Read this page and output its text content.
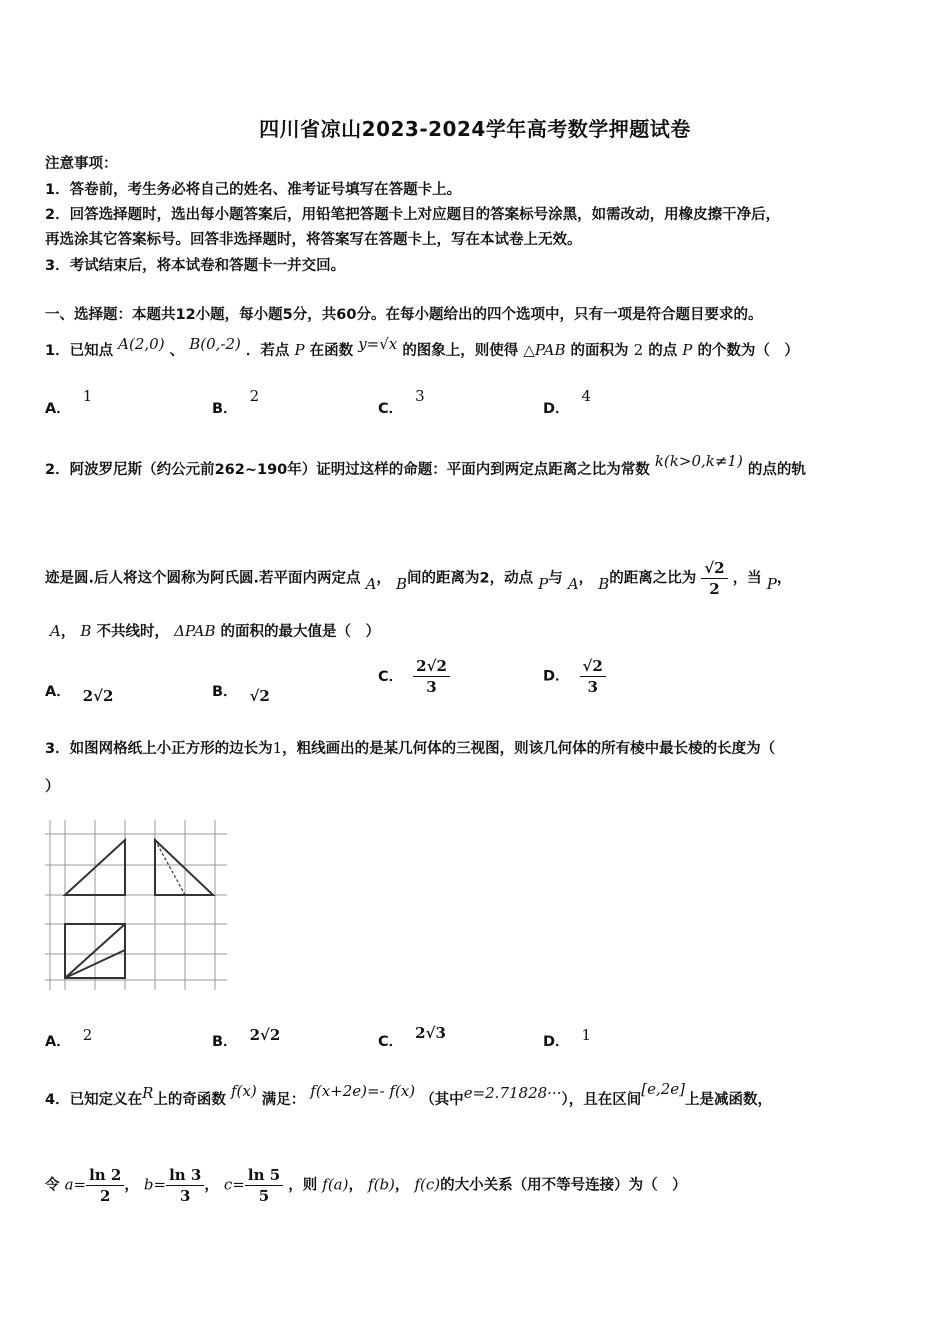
四川省凉山2023-2024学年高考数学押题试卷
注意事项：
1．答卷前，考生务必将自己的姓名、准考证号填写在答题卡上。
2．回答选择题时，选出每小题答案后，用铅笔把答题卡上对应题目的答案标号涂黑，如需改动，用橡皮擦干净后，
再选涂其它答案标号。回答非选择题时，将答案写在答题卡上，写在本试卷上无效。
3．考试结束后，将本试卷和答题卡一并交回。
一、选择题：本题共12小题，每小题5分，共60分。在每小题给出的四个选项中，只有一项是符合题目要求的。
1．已知点 A(2,0) 、 B(0,-2) ．若点 P 在函数 y=√x 的图象上，则使得 △PAB 的面积为 2 的点 P 的个数为（　）
A．1
B．2
C．3
D．4
2．阿波罗尼斯（约公元前262~190年）证明过这样的命题：平面内到两定点距离之比为常数 k(k>0,k≠1) 的点的轨
迹是圆.后人将这个圆称为阿氏圆.若平面内两定点 A， B间的距离为2，动点 P与 A， B的距离之比为 $\frac{√2}{2}$ ，当 P，
A， B 不共线时， ΔPAB 的面积的最大值是（　）
A． 2√2	B． √2
C． $\frac{2√2}{3}$	D． $\frac{√2}{3}$
3．如图网格纸上小正方形的边长为1，粗线画出的是某几何体的三视图，则该几何体的所有棱中最长棱的长度为（
）
A． 2	B． 2√2	C． 2√3	D． 1
4．已知定义在R上的奇函数 f(x) 满足： f(x+2e)=- f(x) （其中e=2.71828···），且在区间[e,2e]上是减函数，
令 $a= \frac{\ln 2}{2}$ ， $b= \frac{\ln 3}{3}$ ， $c= \frac{\ln 5}{5}$ ，则 f(a)， f(b)， f(c)的大小关系（用不等号连接）为（　）
